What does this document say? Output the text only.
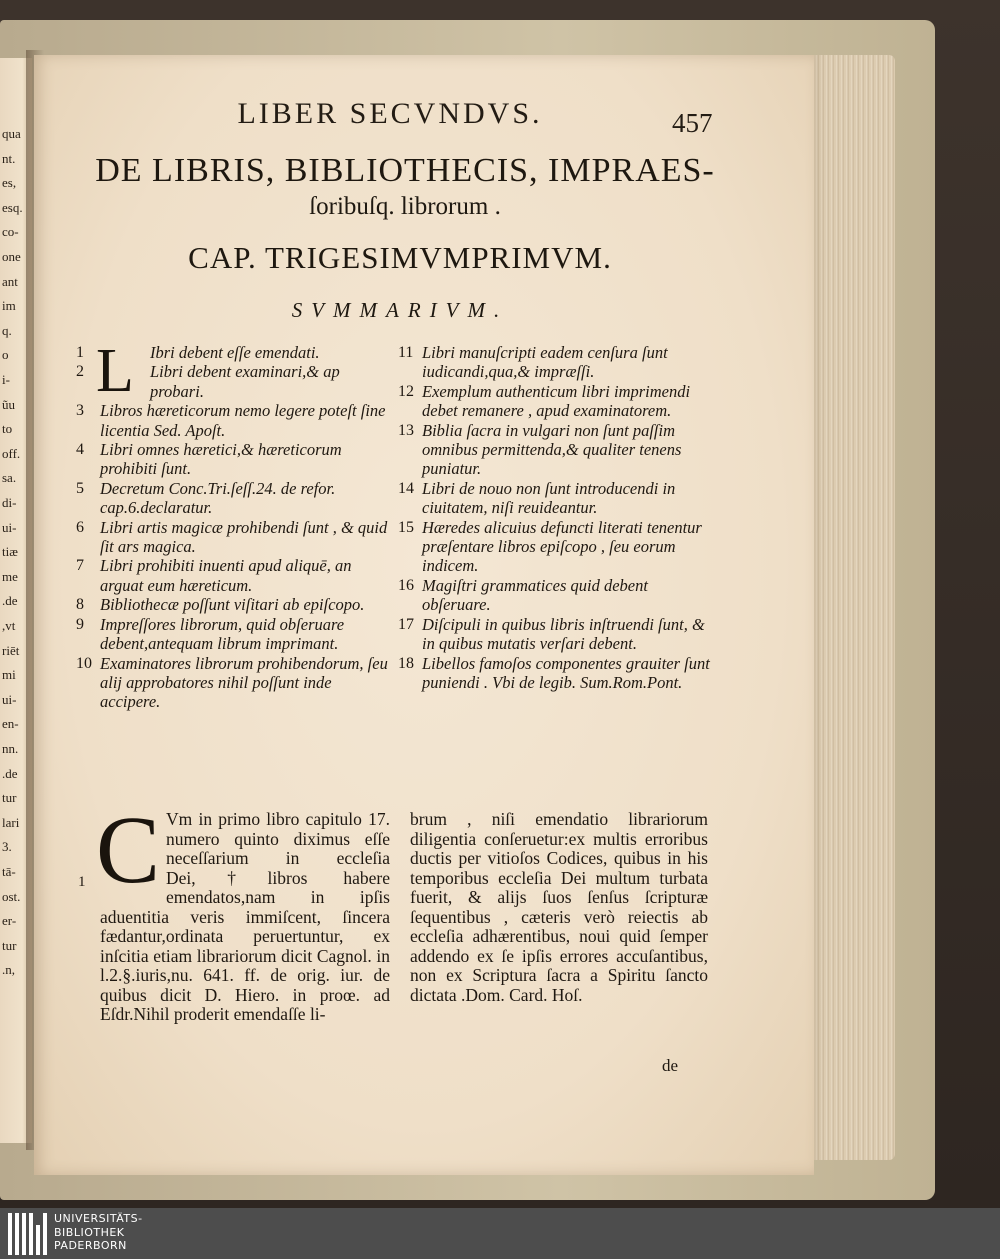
qua
nt.
es,
esq.
co-
one
ant
im
q.
o
i-
ũu
to
off.
sa.
di-
ui-
tiæ
me
.de
,vt
riēt
mi
ui-
en-
nn.
.de
tur
lari
3.
tā-
ost.
er-
tur
.n,
LIBER SECVNDVS.	457
DE LIBRIS, BIBLIOTHECIS, IMPRAES-
ſoribuſq. librorum .
CAP. TRIGESIMVMPRIMVM.
SVMMARIVM.
L
1	Ibri debent eſſe emendati.
2	Libri debent examinari,& ap probari.
3 Libros hæreticorum nemo legere poteſt ſine licentia Sed. Apoſt.
4 Libri omnes hæretici,& hæreticorum prohibiti ſunt.
5 Decretum Conc.Tri.ſeſſ.24. de refor. cap.6.declaratur.
6 Libri artis magicæ prohibendi ſunt , & quid ſit ars magica.
7 Libri prohibiti inuenti apud aliquē, an arguat eum hæreticum.
8 Bibliothecæ poſſunt viſitari ab epiſcopo.
9 Impreſſores librorum, quid obſeruare debent,antequam librum imprimant.
10 Examinatores librorum prohibendorum, ſeu alij approbatores nihil poſſunt inde accipere.
11 Libri manuſcripti eadem cenſura ſunt iudicandi,qua,& impræſſi.
12 Exemplum authenticum libri imprimendi debet remanere , apud examinatorem.
13 Biblia ſacra in vulgari non ſunt paſſim omnibus permittenda,& qualiter tenens puniatur.
14 Libri de nouo non ſunt introducendi in ciuitatem, niſi reuideantur.
15 Hæredes alicuius defuncti literati tenentur præſentare libros epiſcopo , ſeu eorum indicem.
16 Magiſtri grammatices quid debent obſeruare.
17 Diſcipuli in quibus libris inſtruendi ſunt, & in quibus mutatis verſari debent.
18 Libellos famoſos componentes grauiter ſunt puniendi . Vbi de legib. Sum.Rom.Pont.
1 C Vm in primo libro capitulo 17. numero quinto diximus eſſe neceſſarium in eccleſia Dei,†libros habere emendatos,nam in ipſis aduentitia veris immiſcent, ſincera fædantur,ordinata peruertuntur, ex inſcitia etiam librariorum dicit Cagnol. in l.2.§.iuris,nu. 641. ff. de orig. iur. de quibus dicit D. Hiero. in proœ. ad Eſdr.Nihil proderit emendaſſe li-
brum , niſi emendatio librariorum diligentia conſeruetur:ex multis erroribus ductis per vitioſos Codices, quibus in his temporibus eccleſia Dei multum turbata fuerit, & alijs ſuos ſenſus ſcripturæ ſequentibus , cæteris verò reiectis ab eccleſia adhærentibus, noui quid ſemper addendo ex ſe ipſis errores accuſantibus, non ex Scriptura ſacra a Spiritu ſancto dictata .Dom. Card. Hoſ.
de
UNIVERSITÄTS-
BIBLIOTHEK
PADERBORN
